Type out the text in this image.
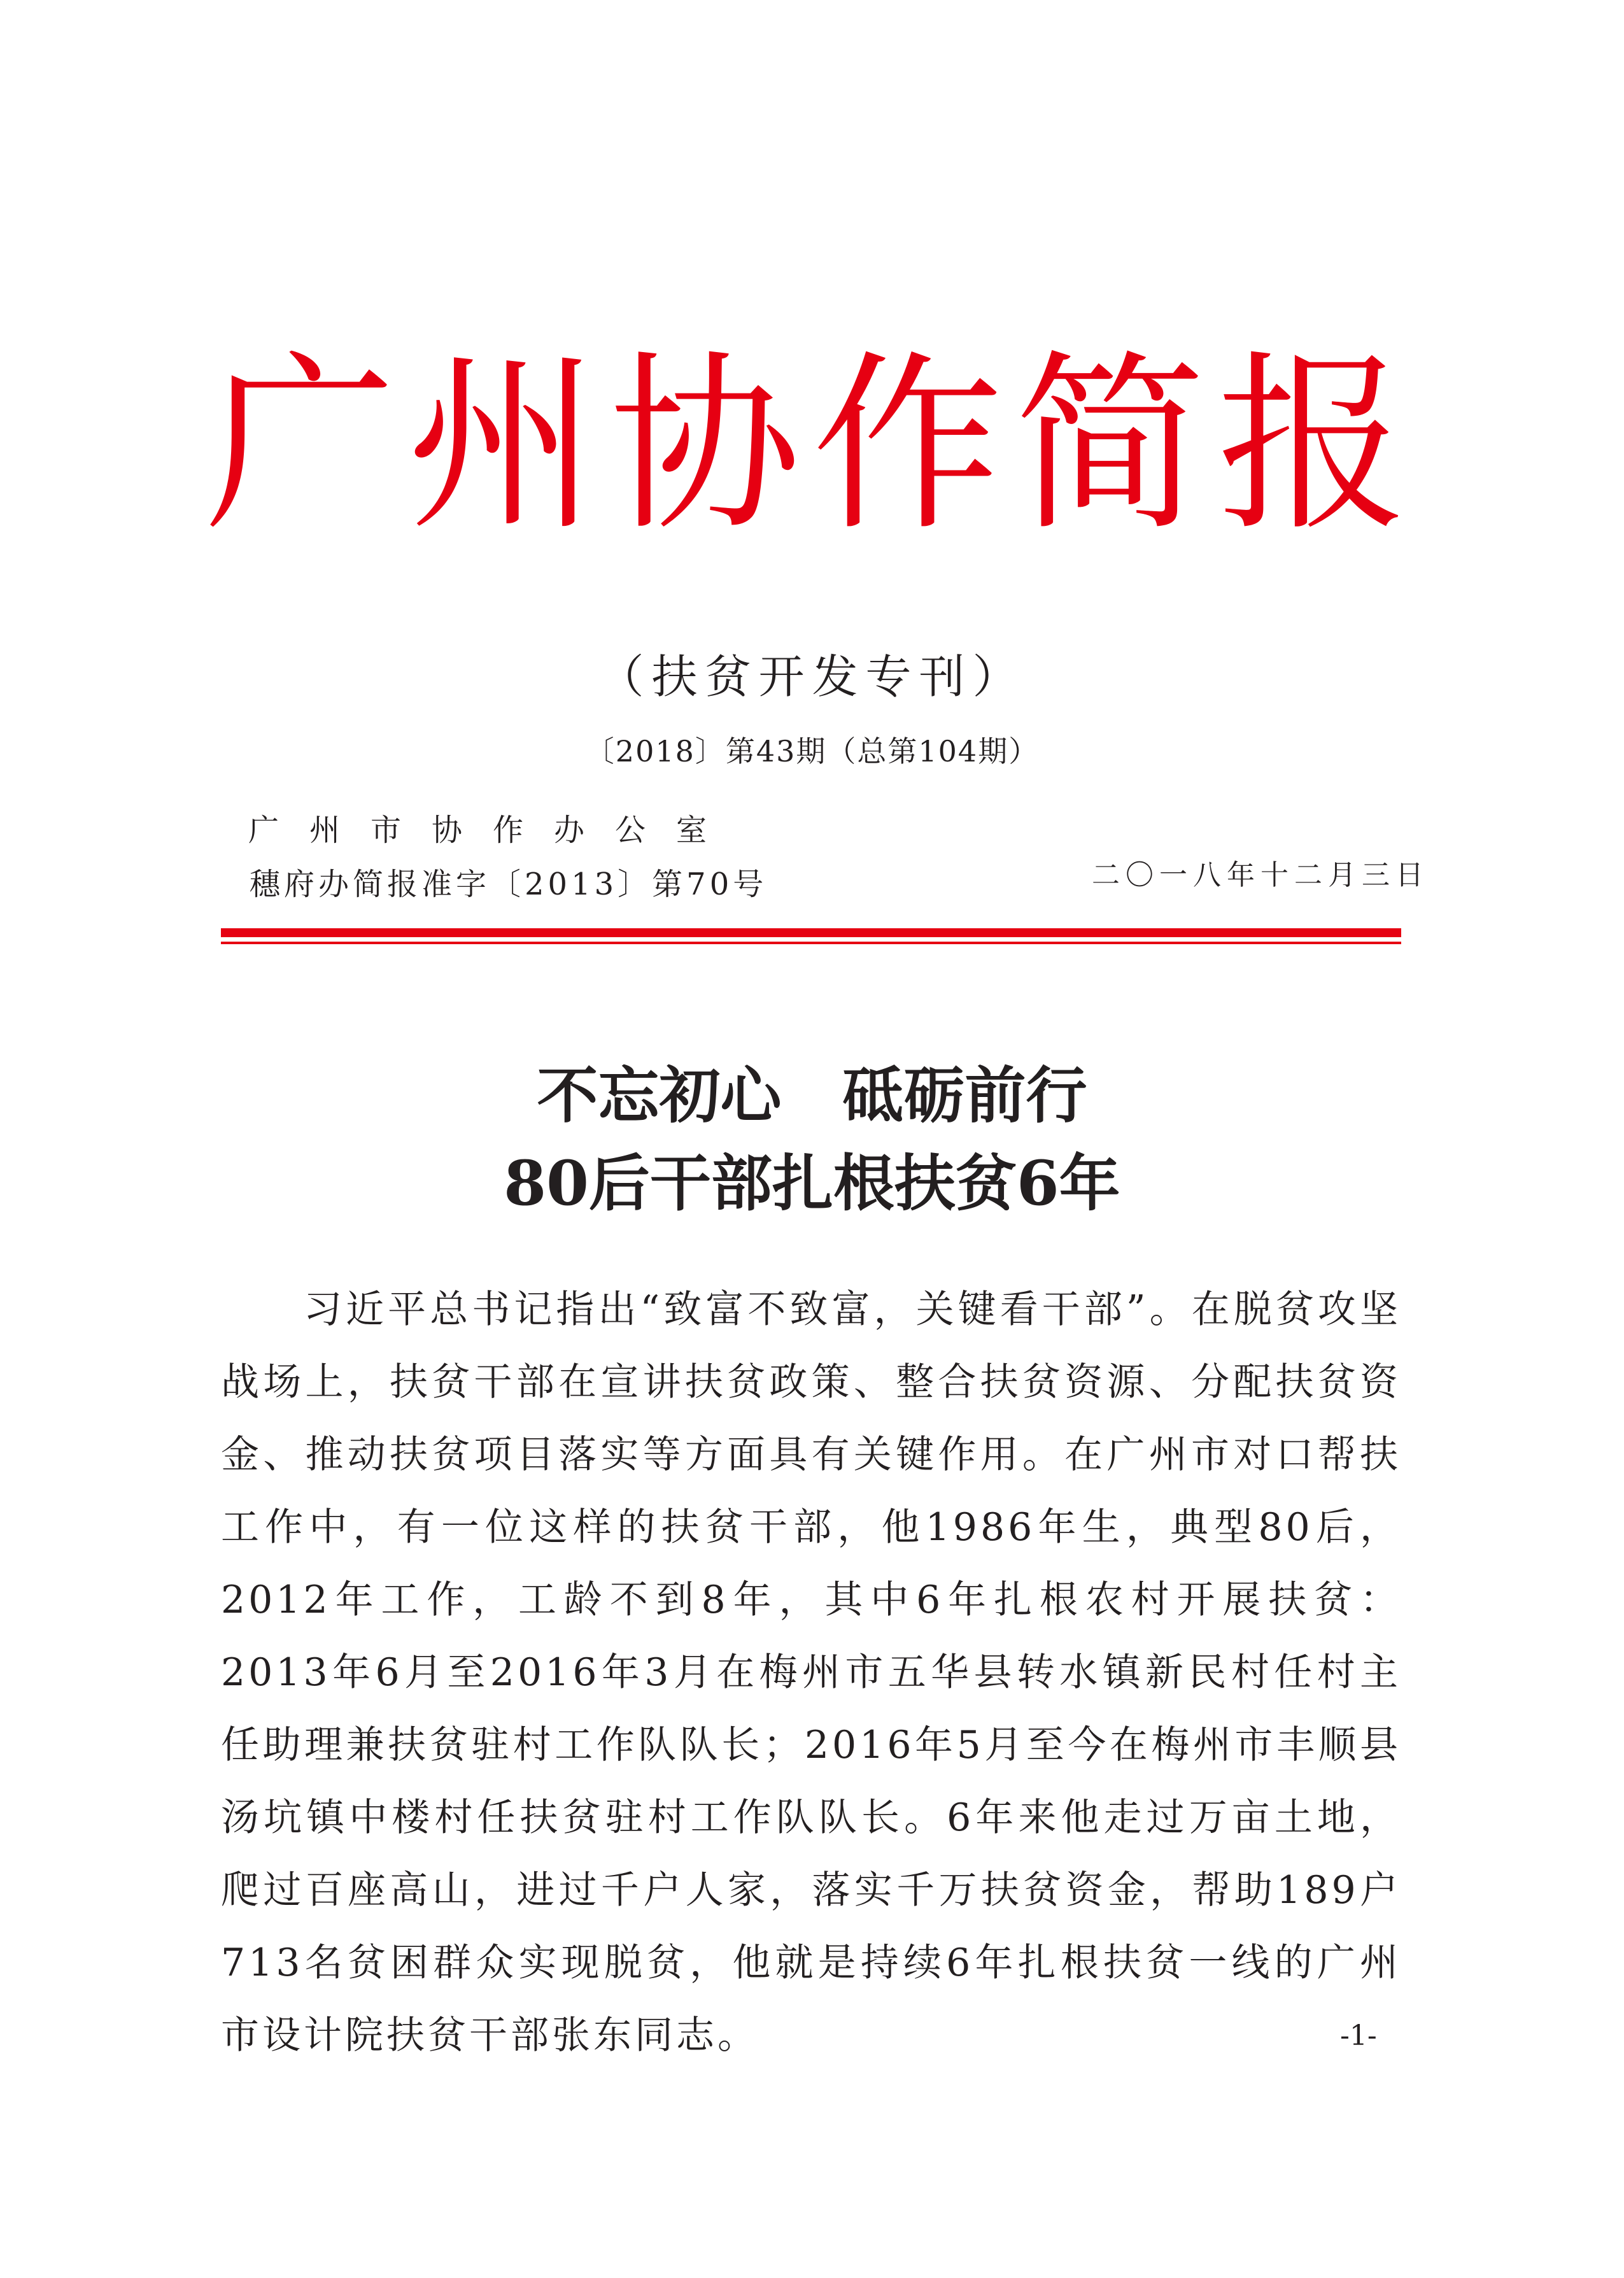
广州协作简报
（扶贫开发专刊）
〔2018〕第43期（总第104期）
广州市协作办公室
穗府办简报准字〔2013〕第70号	二〇一八年十二月三日
不忘初心　砥砺前行
80后干部扎根扶贫6年

习近平总书记指出“致富不致富，关键看干部”。在脱贫攻坚战场上，扶贫干部在宣讲扶贫政策、整合扶贫资源、分配扶贫资金、推动扶贫项目落实等方面具有关键作用。在广州市对口帮扶工作中，有一位这样的扶贫干部，他1986年生，典型80后，2012年工作，工龄不到8年，其中6年扎根农村开展扶贫：2013年6月至2016年3月在梅州市五华县转水镇新民村任村主任助理兼扶贫驻村工作队队长；2016年5月至今在梅州市丰顺县汤坑镇中楼村任扶贫驻村工作队队长。6年来他走过万亩土地，爬过百座高山，进过千户人家，落实千万扶贫资金，帮助189户713名贫困群众实现脱贫，他就是持续6年扎根扶贫一线的广州市设计院扶贫干部张东同志。	-1-
